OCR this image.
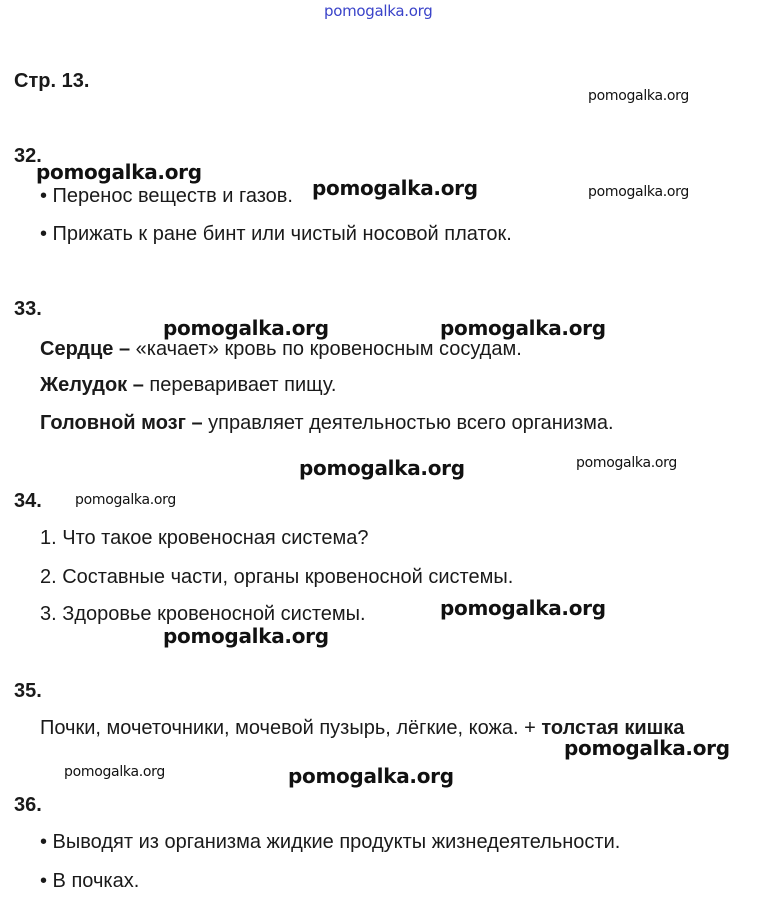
pomogalka.org
Стр. 13.
32.
• Перенос веществ и газов.
• Прижать к ране бинт или чистый носовой платок.
33.
Сердце – «качает» кровь по кровеносным сосудам.
Желудок – переваривает пищу.
Головной мозг – управляет деятельностью всего организма.
34.
1. Что такое кровеносная система?
2. Составные части, органы кровеносной системы.
3. Здоровье кровеносной системы.
35.
Почки, мочеточники, мочевой пузырь, лёгкие, кожа. + толстая кишка
36.
• Выводят из организма жидкие продукты жизнедеятельности.
• В почках.
pomogalka.org
pomogalka.org
pomogalka.org	pomogalka.org
pomogalka.org	pomogalka.org
pomogalka.org	pomogalka.org
pomogalka.org
pomogalka.org
pomogalka.org
pomogalka.org
pomogalka.org	pomogalka.org
